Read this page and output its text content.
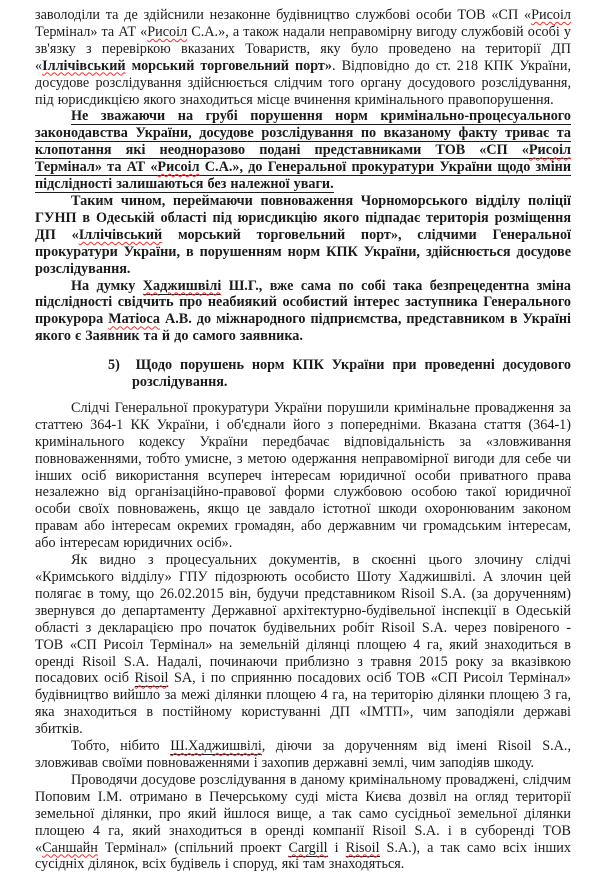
заволоділи та де здійснили незаконне будівництво службові особи ТОВ «СП «Рисоіл Термінал» та АТ «Рисоіл С.А.», а також надали неправомірну вигоду службовій особі у зв'язку з перевіркою вказаних Товариств, яку було проведено на території ДП «Іллічівський морський торговельний порт». Відповідно до ст. 218 КПК України, досудове розслідування здійснюється слідчим того органу досудового розслідування, під юрисдикцією якого знаходиться місце вчинення кримінального правопорушення.

Не зважаючи на грубі порушення норм кримінально-процесуального законодавства України, досудове розслідування по вказаному факту триває та клопотання які неодноразово подані представниками ТОВ «СП «Рисоіл Термінал» та АТ «Рисоіл С.А.», до Генеральної прокуратури України щодо зміни підслідності залишаються без належної уваги.

Таким чином, переймаючи повноваження Чорноморського відділу поліції ГУНП в Одеській області під юрисдикцію якого підпадає територія розміщення ДП «Іллічівський морський торговельний порт», слідчими Генеральної прокуратури України, в порушенням норм КПК України, здійснюється досудове розслідування.

На думку Хаджишвілі Ш.Г., вже сама по собі така безпрецедентна зміна підслідності свідчить про неабиякий особистий інтерес заступника Генерального прокурора Матіоса А.В. до міжнародного підприємства, представником в Україні якого є Заявник та й до самого заявника.

5)  Щодо порушень норм КПК України при проведенні досудового розслідування.

Слідчі Генеральної прокуратури України порушили кримінальне провадження за статтею 364-1 КК України, і об'єднали його з попередніми. Вказана стаття (364-1) кримінального кодексу України передбачає відповідальність за «зловживання повноваженнями, тобто умисне, з метою одержання неправомірної вигоди для себе чи інших осіб використання всупереч інтересам юридичної особи приватного права незалежно від організаційно-правової форми службовою особою такої юридичної особи своїх повноважень, якщо це завдало істотної шкоди охоронюваним законом правам або інтересам окремих громадян, або державним чи громадським інтересам, або інтересам юридичних осіб».

Як видно з процесуальних документів, в скоєнні цього злочину слідчі «Кримського відділу» ГПУ підозрюють особисто Шоту Хаджишвілі. А злочин цей полягає в тому, що 26.02.2015 він, будучи представником Risoil S.A. (за дорученням) звернувся до департаменту Державної архітектурно-будівельної інспекції в Одеській області з декларацією про початок будівельних робіт Risoil S.A. через повіреного - ТОВ «СП Рисоіл Термінал» на земельній ділянці площею 4 га, який знаходиться в оренді Risoil S.A. Надалі, починаючи приблизно з травня 2015 року за вказівкою посадових осіб Risoil SA, і по сприянню посадових осіб ТОВ «СП Рисоіл Термінал» будівництво вийшло за межі ділянки площею 4 га, на територію ділянки площею 3 га, яка знаходиться в постійному користуванні ДП «ІМТП», чим заподіяли державі збитків.

Тобто, нібито Ш.Хаджишвілі, діючи за дорученням від імені Risoil S.A., зловживав своїми повноваженнями і захопив державні землі, чим заподіяв шкоду.

Проводячи досудове розслідування в даному кримінальному проваджені, слідчим Поповим І.М. отримано в Печерському суді міста Києва дозвіл на огляд території земельної ділянки, про який йшлося вище, а так само сусідньої земельної ділянки площею 4 га, який знаходиться в оренді компанії Risoil S.A. і в суборенді ТОВ «Саншайн Термінал» (спільний проект Cargill і Risoil S.A.), а так само всіх інших сусідніх ділянок, всіх будівель і споруд, які там знаходяться.
